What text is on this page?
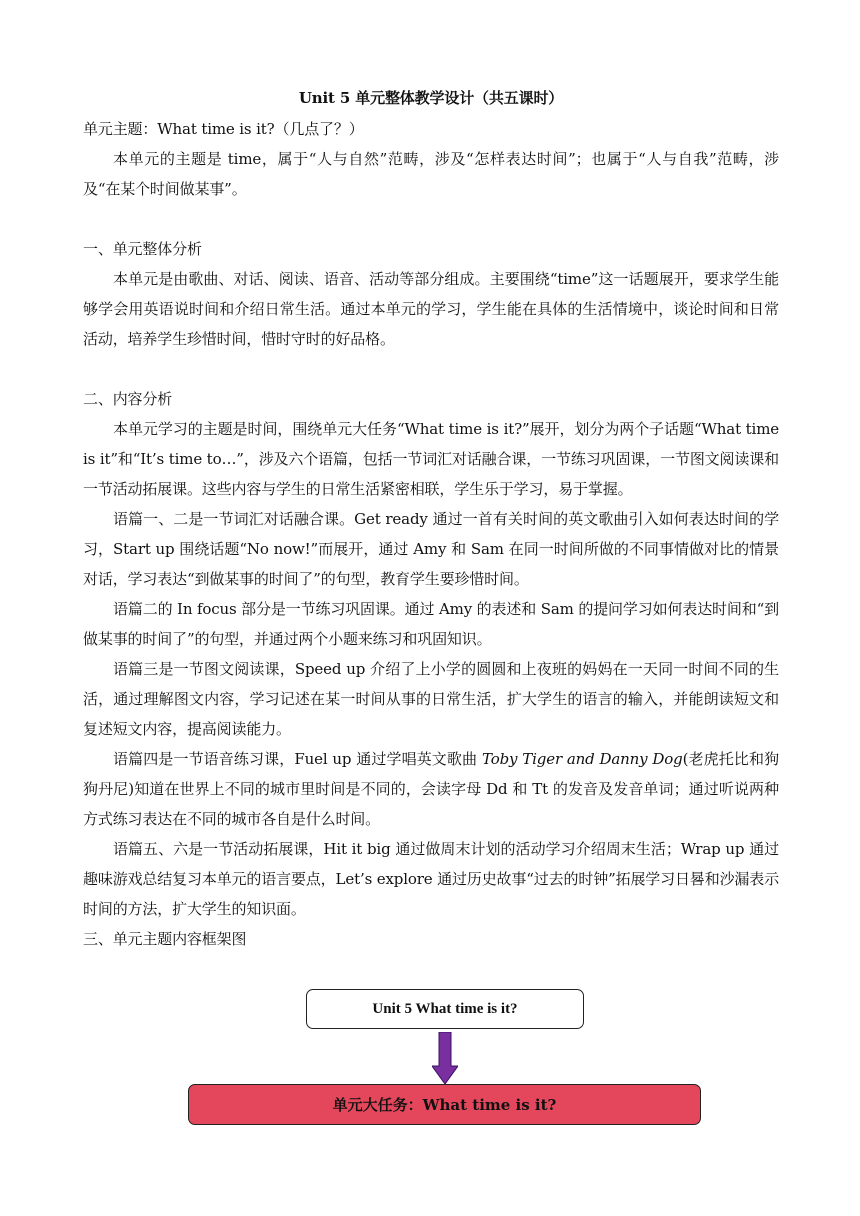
Unit 5 单元整体教学设计（共五课时）

单元主题：What time is it?（几点了？）

本单元的主题是 time，属于“人与自然”范畴，涉及“怎样表达时间”；也属于“人与自我”范畴，涉及“在某个时间做某事”。

一、单元整体分析

本单元是由歌曲、对话、阅读、语音、活动等部分组成。主要围绕“time”这一话题展开，要求学生能够学会用英语说时间和介绍日常生活。通过本单元的学习，学生能在具体的生活情境中，谈论时间和日常活动，培养学生珍惜时间，惜时守时的好品格。

二、内容分析

本单元学习的主题是时间，围绕单元大任务“What time is it?”展开，划分为两个子话题“What time is it”和“It’s time to…”，涉及六个语篇，包括一节词汇对话融合课，一节练习巩固课，一节图文阅读课和一节活动拓展课。这些内容与学生的日常生活紧密相联，学生乐于学习，易于掌握。

语篇一、二是一节词汇对话融合课。Get ready 通过一首有关时间的英文歌曲引入如何表达时间的学习，Start up 围绕话题“No now!”而展开，通过 Amy 和 Sam 在同一时间所做的不同事情做对比的情景对话，学习表达“到做某事的时间了”的句型，教育学生要珍惜时间。

语篇二的 In focus 部分是一节练习巩固课。通过 Amy 的表述和 Sam 的提问学习如何表达时间和“到做某事的时间了”的句型，并通过两个小题来练习和巩固知识。

语篇三是一节图文阅读课，Speed up 介绍了上小学的圆圆和上夜班的妈妈在一天同一时间不同的生活，通过理解图文内容，学习记述在某一时间从事的日常生活，扩大学生的语言的输入，并能朗读短文和复述短文内容，提高阅读能力。

语篇四是一节语音练习课，Fuel up 通过学唱英文歌曲 Toby Tiger and Danny Dog(老虎托比和狗狗丹尼)知道在世界上不同的城市里时间是不同的，会读字母 Dd 和 Tt 的发音及发音单词；通过听说两种方式练习表达在不同的城市各自是什么时间。

语篇五、六是一节活动拓展课，Hit it big 通过做周末计划的活动学习介绍周末生活；Wrap up 通过趣味游戏总结复习本单元的语言要点，Let’s explore 通过历史故事“过去的时钟”拓展学习日晷和沙漏表示时间的方法，扩大学生的知识面。

三、单元主题内容框架图

Unit 5 What time is it?
单元大任务：What time is it?
